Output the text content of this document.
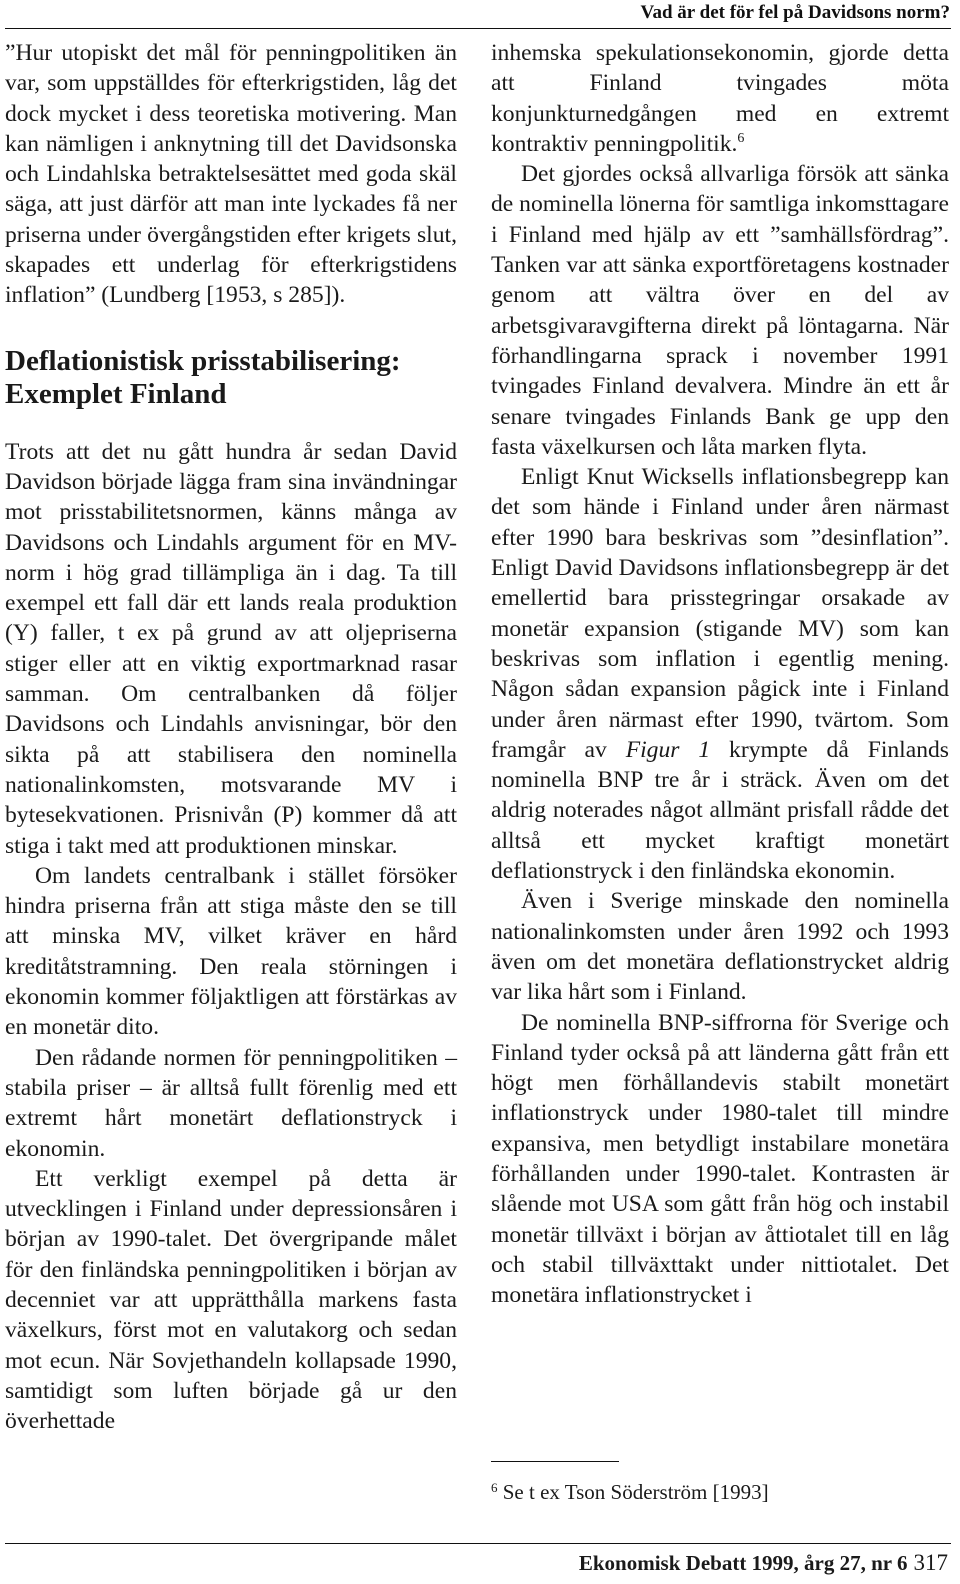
Vad är det för fel på Davidsons norm?

”Hur utopiskt det mål för penningpolitiken än var, som uppställdes för efterkrigstiden, låg det dock mycket i dess teoretiska motivering. Man kan nämligen i anknytning till det Davidsonska och Lindahlska betraktelsesättet med goda skäl säga, att just därför att man inte lyckades få ner priserna under övergångstiden efter krigets slut, skapades ett underlag för efterkrigstidens inflation” (Lundberg [1953, s 285]).

Deflationistisk prisstabilisering: Exemplet Finland

Trots att det nu gått hundra år sedan David Davidson började lägga fram sina invändningar mot prisstabilitetsnormen, känns många av Davidsons och Lindahls argument för en MV-norm i hög grad tillämpliga än i dag. Ta till exempel ett fall där ett lands reala produktion (Y) faller, t ex på grund av att oljepriserna stiger eller att en viktig exportmarknad rasar samman. Om centralbanken då följer Davidsons och Lindahls anvisningar, bör den sikta på att stabilisera den nominella nationalinkomsten, motsvarande MV i bytesekvationen. Prisnivån (P) kommer då att stiga i takt med att produktionen minskar.

Om landets centralbank i stället försöker hindra priserna från att stiga måste den se till att minska MV, vilket kräver en hård kreditåtstramning. Den reala störningen i ekonomin kommer följaktligen att förstärkas av en monetär dito.

Den rådande normen för penningpolitiken – stabila priser – är alltså fullt förenlig med ett extremt hårt monetärt deflationstryck i ekonomin.

Ett verkligt exempel på detta är utvecklingen i Finland under depressionsåren i början av 1990-talet. Det övergripande målet för den finländska penningpolitiken i början av decenniet var att upprätthålla markens fasta växelkurs, först mot en valutakorg och sedan mot ecun. När Sovjethandeln kollapsade 1990, samtidigt som luften började gå ur den överhettade

inhemska spekulationsekonomin, gjorde detta att Finland tvingades möta konjunkturnedgången med en extremt kontraktiv penningpolitik.$^6$

Det gjordes också allvarliga försök att sänka de nominella lönerna för samtliga inkomsttagare i Finland med hjälp av ett ”samhällsfördrag”. Tanken var att sänka exportföretagens kostnader genom att vältra över en del av arbetsgivaravgifterna direkt på löntagarna. När förhandlingarna sprack i november 1991 tvingades Finland devalvera. Mindre än ett år senare tvingades Finlands Bank ge upp den fasta växelkursen och låta marken flyta.

Enligt Knut Wicksells inflationsbegrepp kan det som hände i Finland under åren närmast efter 1990 bara beskrivas som ”desinflation”. Enligt David Davidsons inflationsbegrepp är det emellertid bara prisstegringar orsakade av monetär expansion (stigande MV) som kan beskrivas som inflation i egentlig mening. Någon sådan expansion pågick inte i Finland under åren närmast efter 1990, tvärtom. Som framgår av Figur 1 krympte då Finlands nominella BNP tre år i sträck. Även om det aldrig noterades något allmänt prisfall rådde det alltså ett mycket kraftigt monetärt deflationstryck i den finländska ekonomin.

Även i Sverige minskade den nominella nationalinkomsten under åren 1992 och 1993 även om det monetära deflationstrycket aldrig var lika hårt som i Finland.

De nominella BNP-siffrorna för Sverige och Finland tyder också på att länderna gått från ett högt men förhållandevis stabilt monetärt inflationstryck under 1980-talet till mindre expansiva, men betydligt instabilare monetära förhållanden under 1990-talet. Kontrasten är slående mot USA som gått från hög och instabil monetär tillväxt i början av åttiotalet till en låg och stabil tillväxttakt under nittiotalet. Det monetära inflationstrycket i

$^6$ Se t ex Tson Söderström [1993]
Ekonomisk Debatt 1999, årg 27, nr 6 317
